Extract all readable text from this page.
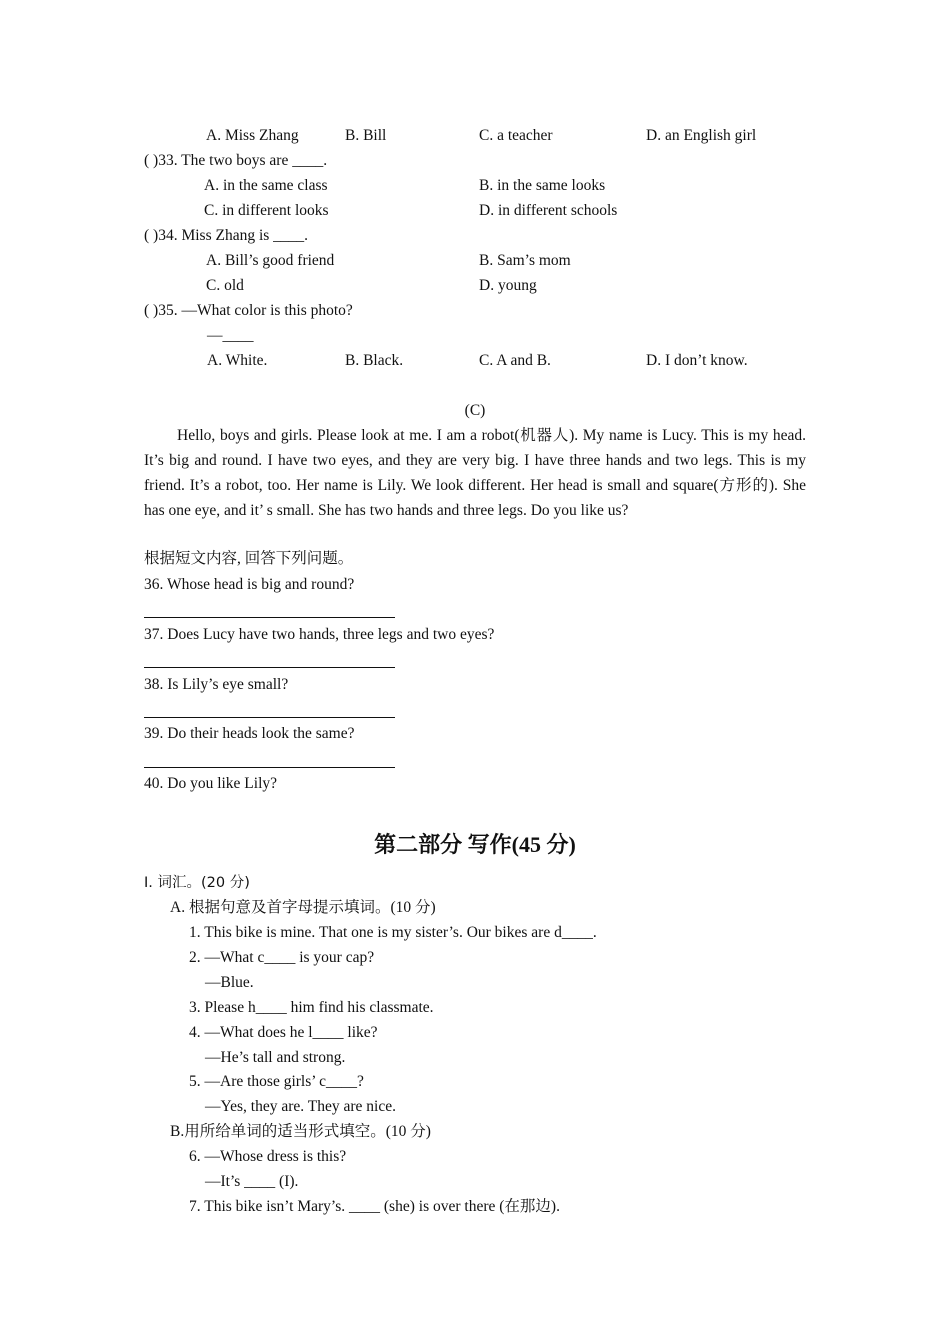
A. Miss Zhang	B. Bill	C. a teacher	D. an English girl
( )33. The two boys are ____.
A. in the same class	B. in the same looks
C. in different looks	D. in different schools
( )34. Miss Zhang is ____.
A. Bill’s good friend	B. Sam’s mom
C. old	D. young
( )35. —What color is this photo?
—____
A. White.	B. Black.	C. A and B.	D. I don’t know.
(C)
Hello, boys and girls. Please look at me. I am a robot(机器人). My name is Lucy. This is my head. It’s big and round. I have two eyes, and they are very big. I have three hands and two legs. This is my friend. It’s a robot, too. Her name is Lily. We look different. Her head is small and square(方形的). She has one eye, and it’ s small. She has two hands and three legs. Do you like us?
根据短文内容, 回答下列问题。
36. Whose head is big and round?
37. Does Lucy have two hands, three legs and two eyes?
38. Is Lily’s eye small?
39. Do their heads look the same?
40. Do you like Lily?
第二部分 写作(45 分)
Ⅰ. 词汇。(20 分)
A. 根据句意及首字母提示填词。(10 分)
1. This bike is mine. That one is my sister’s. Our bikes are d____.
2. —What c____ is your cap?
—Blue.
3. Please h____ him find his classmate.
4. —What does he l____ like?
—He’s tall and strong.
5. —Are those girls’ c____?
—Yes, they are. They are nice.
B.用所给单词的适当形式填空。(10 分)
6. —Whose dress is this?
—It’s ____ (I).
7. This bike isn’t Mary’s. ____ (she) is over there (在那边).
